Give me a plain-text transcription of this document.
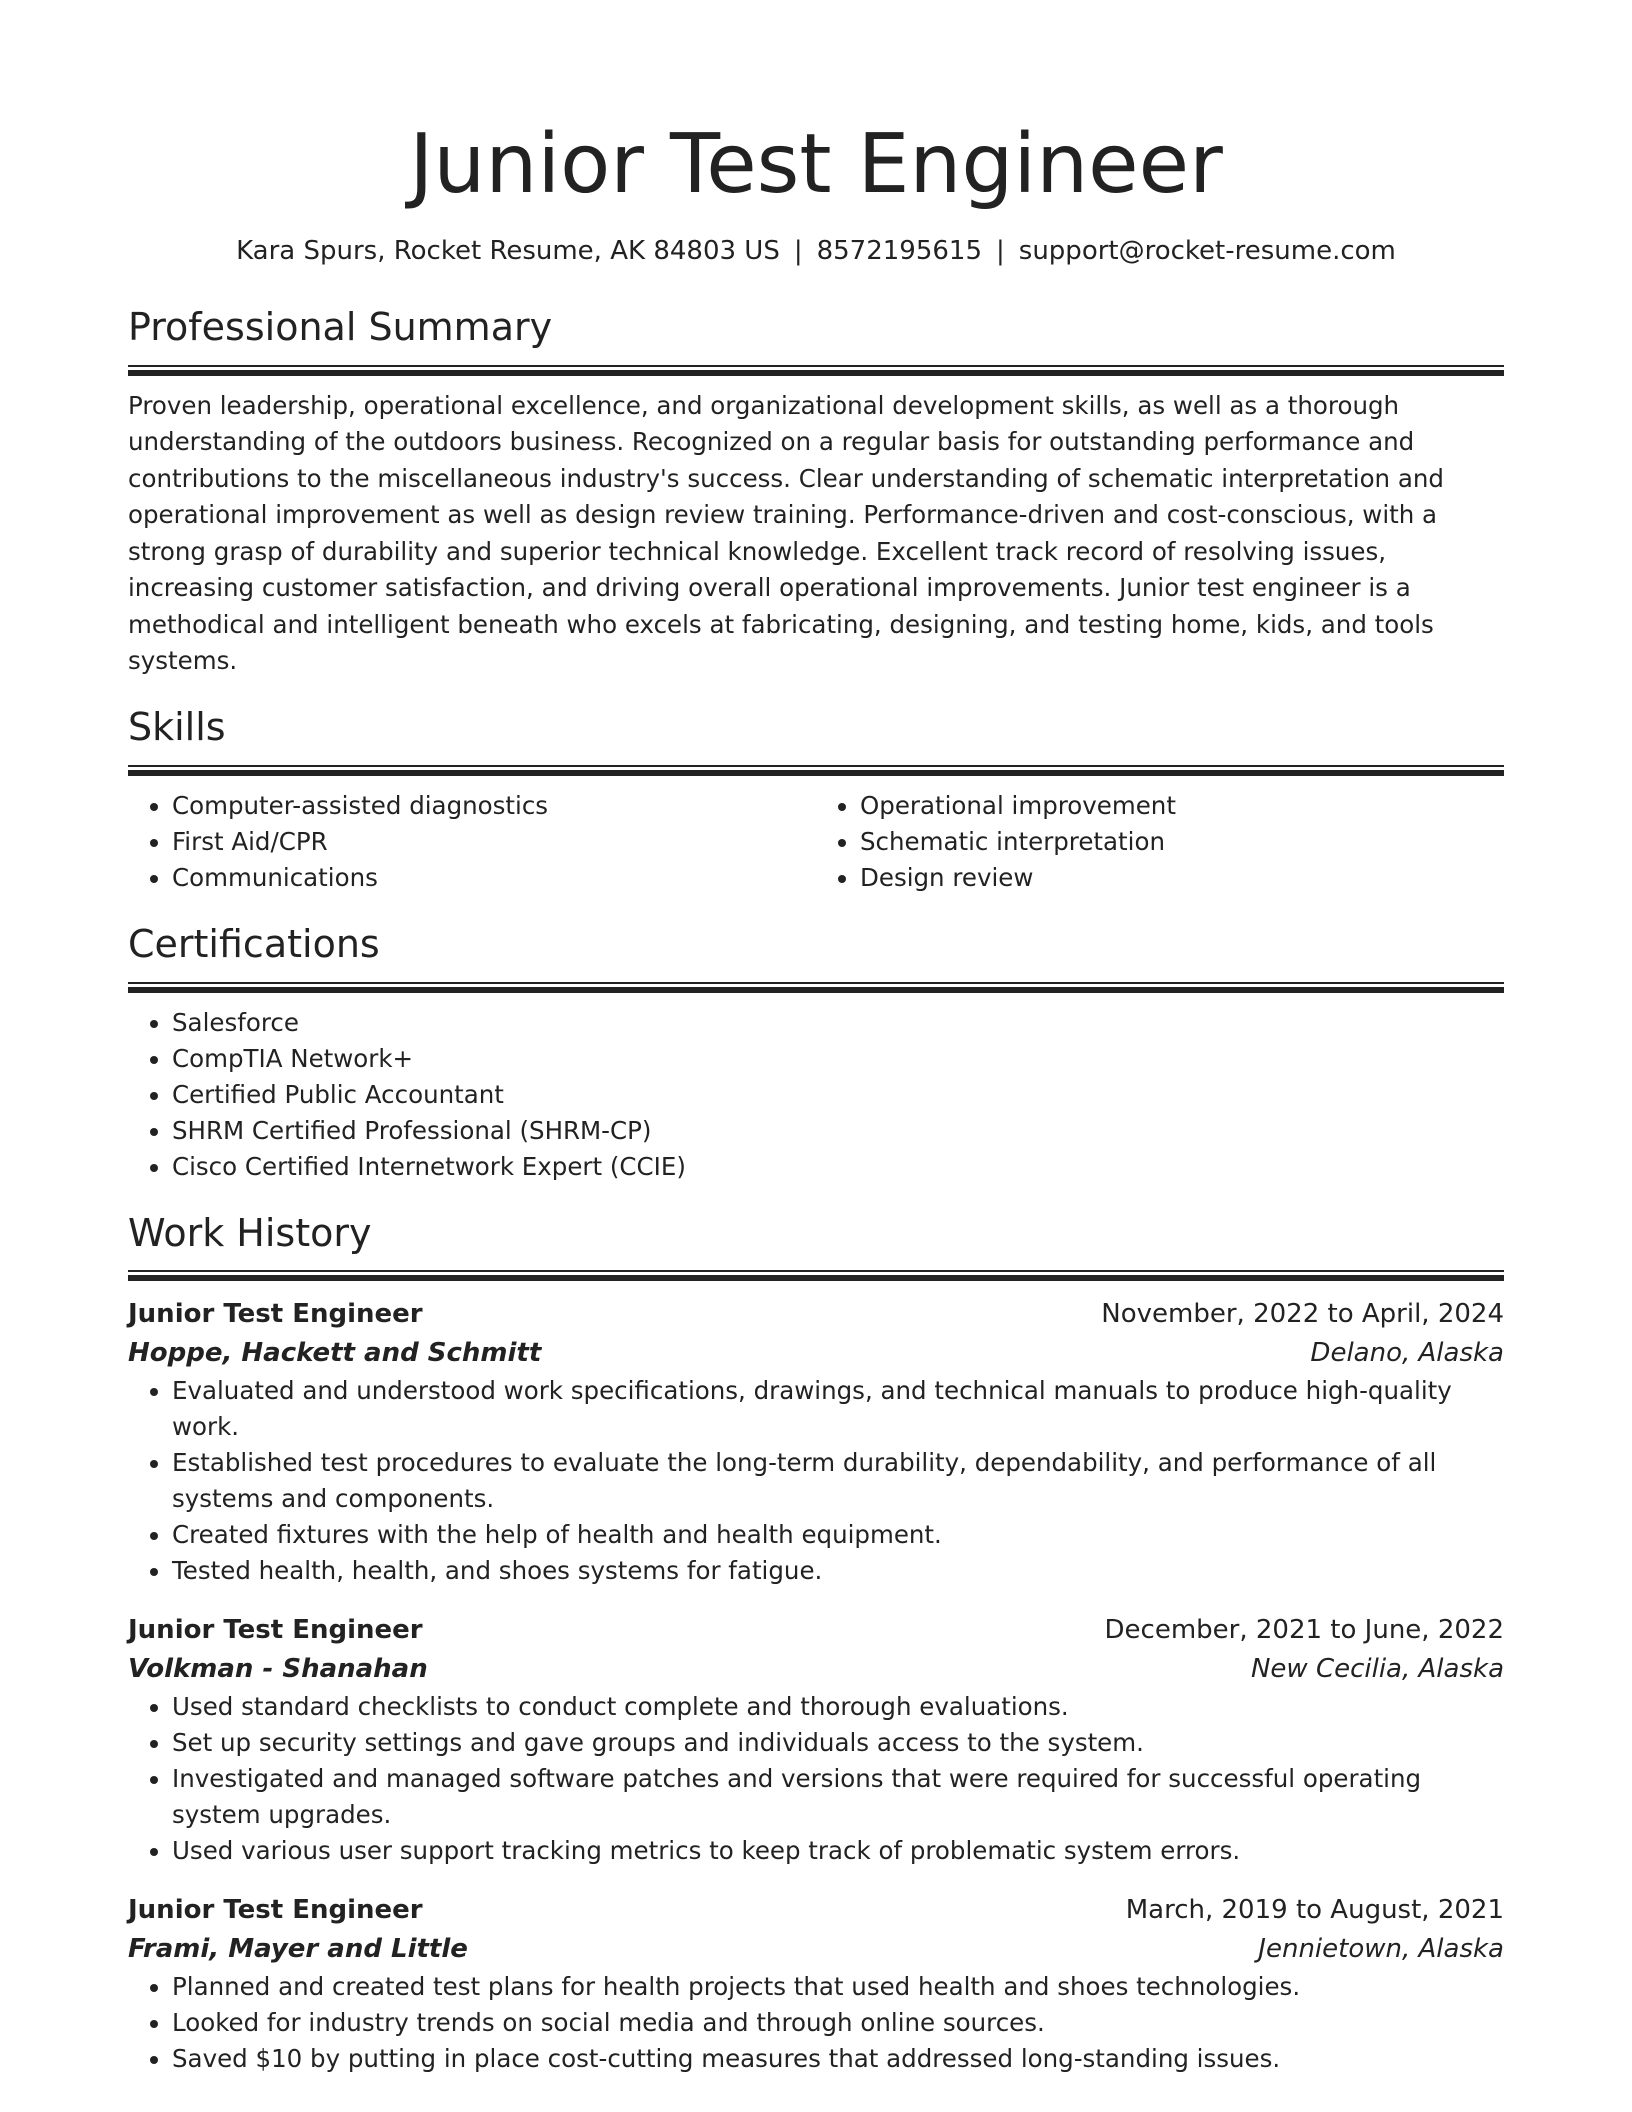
Junior Test Engineer
Kara Spurs, Rocket Resume, AK 84803 US | 8572195615 | support@rocket-resume.com
Professional Summary

Proven leadership, operational excellence, and organizational development skills, as well as a thorough understanding of the outdoors business. Recognized on a regular basis for outstanding performance and contributions to the miscellaneous industry's success. Clear understanding of schematic interpretation and operational improvement as well as design review training. Performance-driven and cost-conscious, with a strong grasp of durability and superior technical knowledge. Excellent track record of resolving issues, increasing customer satisfaction, and driving overall operational improvements. Junior test engineer is a methodical and intelligent beneath who excels at fabricating, designing, and testing home, kids, and tools systems.

Skills
• Computer-assisted diagnostics
• First Aid/CPR
• Communications
• Operational improvement
• Schematic interpretation
• Design review
Certifications
• Salesforce
• CompTIA Network+
• Certified Public Accountant
• SHRM Certified Professional (SHRM-CP)
• Cisco Certified Internetwork Expert (CCIE)
Work History
Junior Test Engineer	November, 2022 to April, 2024
Hoppe, Hackett and Schmitt	Delano, Alaska
• Evaluated and understood work specifications, drawings, and technical manuals to produce high-quality work.
• Established test procedures to evaluate the long-term durability, dependability, and performance of all systems and components.
• Created fixtures with the help of health and health equipment.
• Tested health, health, and shoes systems for fatigue.
Junior Test Engineer	December, 2021 to June, 2022
Volkman - Shanahan	New Cecilia, Alaska
• Used standard checklists to conduct complete and thorough evaluations.
• Set up security settings and gave groups and individuals access to the system.
• Investigated and managed software patches and versions that were required for successful operating system upgrades.
• Used various user support tracking metrics to keep track of problematic system errors.
Junior Test Engineer	March, 2019 to August, 2021
Frami, Mayer and Little	Jennietown, Alaska
• Planned and created test plans for health projects that used health and shoes technologies.
• Looked for industry trends on social media and through online sources.
• Saved $10 by putting in place cost-cutting measures that addressed long-standing issues.
